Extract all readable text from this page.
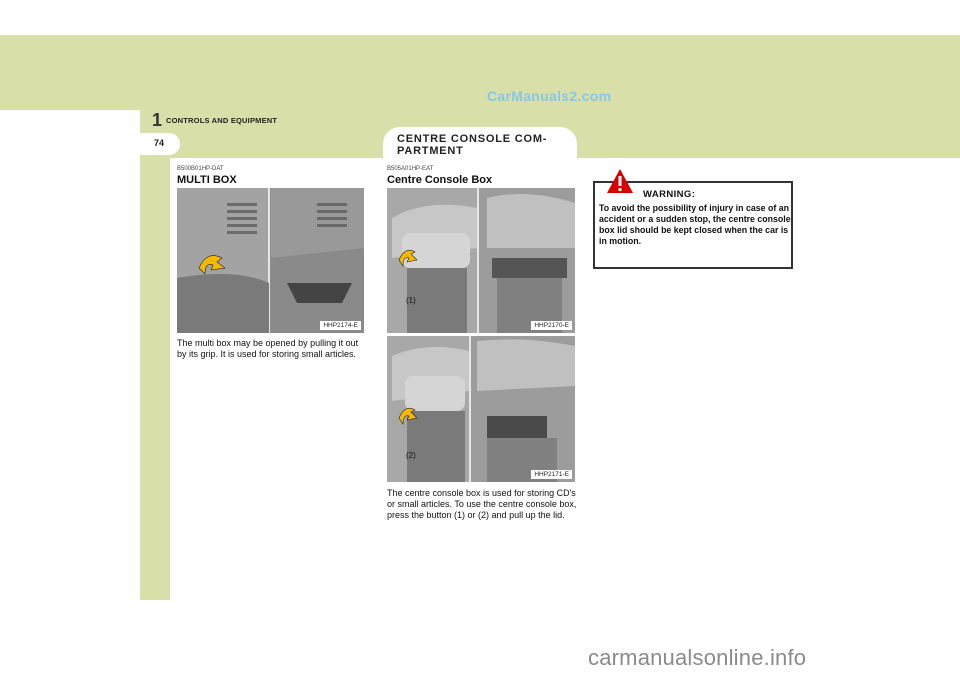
CarManuals2.com
1 CONTROLS AND EQUIPMENT
74	CENTRE CONSOLE COM- PARTMENT
B500B01HP-DAT
MULTI BOX
HHP2174-E
The multi box may be opened by pulling it out by its grip. It is used for storing small articles.
B505A01HP-EAT
Centre Console Box
HHP2170-E
(1)
HHP2171-E
(2)
The centre console box is used for storing CD's or small articles. To use the centre console box, press the button (1) or (2) and pull up the lid.
WARNING:
To avoid the possibility of injury in case of an accident or a sudden stop, the centre console box lid should be kept closed when the car is in motion.
carmanualsonline.info
